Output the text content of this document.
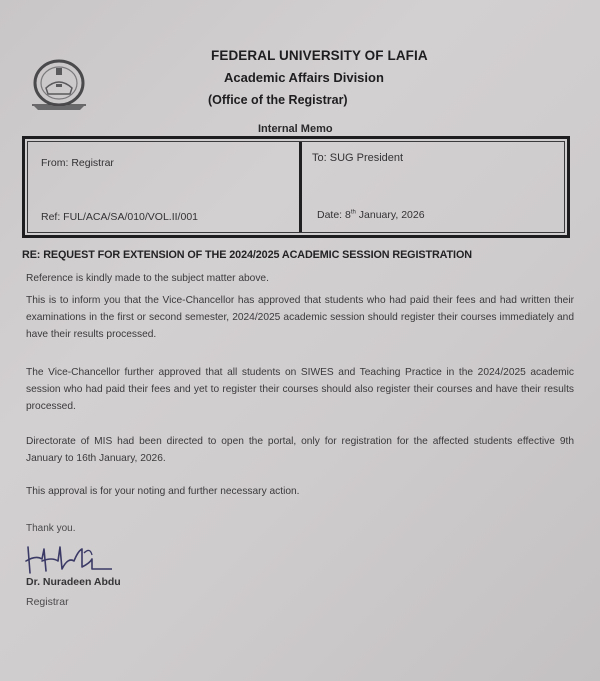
FEDERAL UNIVERSITY OF LAFIA
Academic Affairs Division
(Office of the Registrar)
Internal Memo
From: Registrar
Ref: FUL/ACA/SA/010/VOL.II/001
To: SUG President
Date: 8th January, 2026
RE: REQUEST FOR EXTENSION OF THE 2024/2025 ACADEMIC SESSION REGISTRATION
Reference is kindly made to the subject matter above.
This is to inform you that the Vice-Chancellor has approved that students who had paid their fees and had written their examinations in the first or second semester, 2024/2025 academic session should register their courses immediately and have their results processed.
The Vice-Chancellor further approved that all students on SIWES and Teaching Practice in the 2024/2025 academic session who had paid their fees and yet to register their courses should also register their courses and have their results processed.
Directorate of MIS had been directed to open the portal, only for registration for the affected students effective 9th January to 16th January, 2026.
This approval is for your noting and further necessary action.
Thank you.
Dr. Nuradeen Abdu
Registrar
